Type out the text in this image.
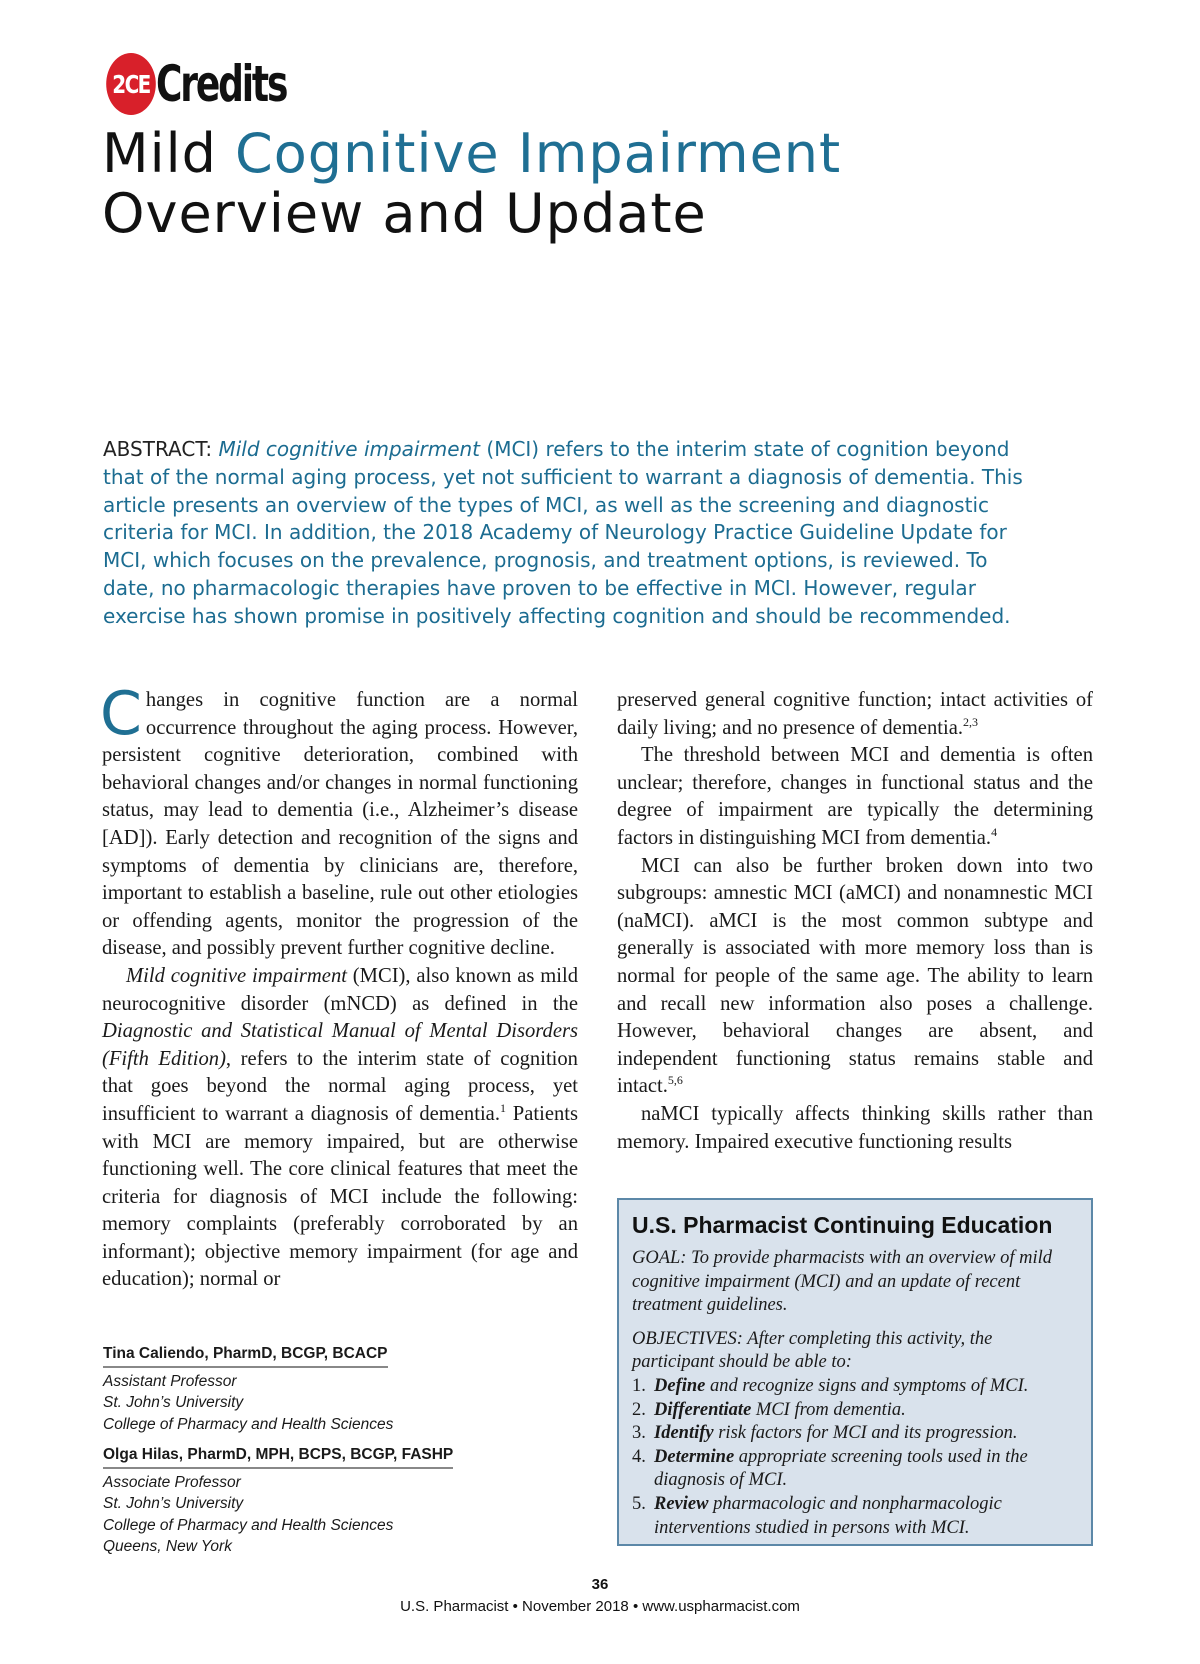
2CE Credits
Mild Cognitive Impairment
Overview and Update

ABSTRACT: Mild cognitive impairment (MCI) refers to the interim state of cognition beyond that of the normal aging process, yet not sufficient to warrant a diagnosis of dementia. This article presents an overview of the types of MCI, as well as the screening and diagnostic criteria for MCI. In addition, the 2018 Academy of Neurology Practice Guideline Update for MCI, which focuses on the prevalence, prognosis, and treatment options, is reviewed. To date, no pharmacologic therapies have proven to be effective in MCI. However, regular exercise has shown promise in positively affecting cognition and should be recommended.

Changes in cognitive function are a normal occurrence throughout the aging process. However, persistent cognitive deterioration, combined with behavioral changes and/or changes in normal functioning status, may lead to dementia (i.e., Alzheimer’s disease [AD]). Early detection and recognition of the signs and symptoms of dementia by clinicians are, therefore, important to establish a baseline, rule out other etiologies or offending agents, monitor the progression of the disease, and possibly prevent further cognitive decline.

Mild cognitive impairment (MCI), also known as mild neurocognitive disorder (mNCD) as defined in the Diagnostic and Statistical Manual of Mental Disorders (Fifth Edition), refers to the interim state of cognition that goes beyond the normal aging process, yet insufficient to warrant a diagnosis of dementia.$^1$ Patients with MCI are memory impaired, but are otherwise functioning well. The core clinical features that meet the criteria for diagnosis of MCI include the following: memory complaints (preferably corroborated by an informant); objective memory impairment (for age and education); normal or

Tina Caliendo, PharmD, BCGP, BCACP
Assistant Professor
St. John’s University
College of Pharmacy and Health Sciences
Olga Hilas, PharmD, MPH, BCPS, BCGP, FASHP
Associate Professor
St. John’s University
College of Pharmacy and Health Sciences
Queens, New York

preserved general cognitive function; intact activities of daily living; and no presence of dementia.$^{2,3}$

The threshold between MCI and dementia is often unclear; therefore, changes in functional status and the degree of impairment are typically the determining factors in distinguishing MCI from dementia.$^4$

MCI can also be further broken down into two subgroups: amnestic MCI (aMCI) and nonamnestic MCI (naMCI). aMCI is the most common subtype and generally is associated with more memory loss than is normal for people of the same age. The ability to learn and recall new information also poses a challenge. However, behavioral changes are absent, and independent functioning status remains stable and intact.$^{5,6}$

naMCI typically affects thinking skills rather than memory. Impaired executive functioning results

U.S. Pharmacist Continuing Education
GOAL: To provide pharmacists with an overview of mild cognitive impairment (MCI) and an update of recent treatment guidelines.
OBJECTIVES: After completing this activity, the participant should be able to:
1. Define and recognize signs and symptoms of MCI.
2. Differentiate MCI from dementia.
3. Identify risk factors for MCI and its progression.
4. Determine appropriate screening tools used in the diagnosis of MCI.
5. Review pharmacologic and nonpharmacologic interventions studied in persons with MCI.
36
U.S. Pharmacist • November 2018 • www.uspharmacist.com
